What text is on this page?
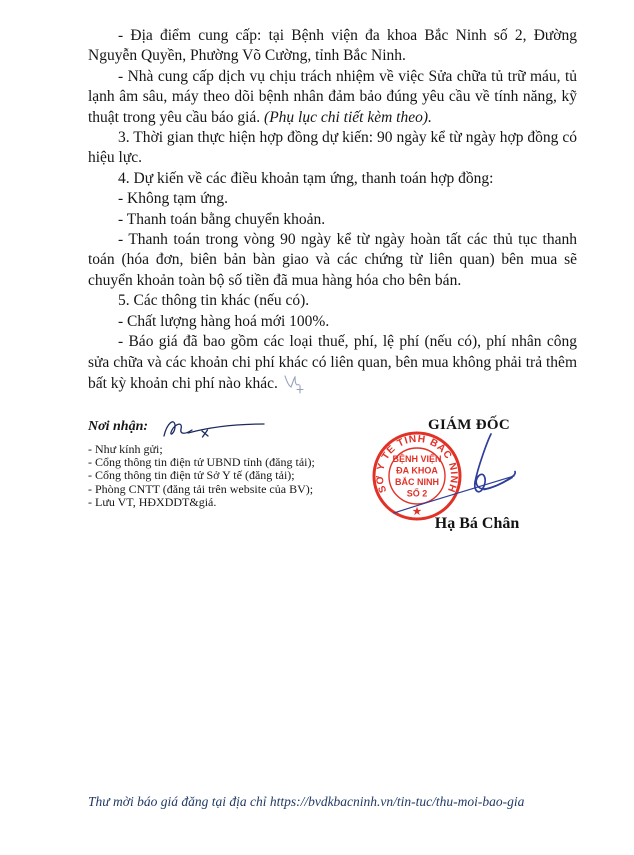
- Địa điểm cung cấp: tại Bệnh viện đa khoa Bắc Ninh số 2, Đường Nguyễn Quyền, Phường Võ Cường, tỉnh Bắc Ninh.

- Nhà cung cấp dịch vụ chịu trách nhiệm về việc Sửa chữa tủ trữ máu, tủ lạnh âm sâu, máy theo dõi bệnh nhân đảm bảo đúng yêu cầu về tính năng, kỹ thuật trong yêu cầu báo giá. (Phụ lục chi tiết kèm theo).

3. Thời gian thực hiện hợp đồng dự kiến: 90 ngày kể từ ngày hợp đồng có hiệu lực.

4. Dự kiến về các điều khoản tạm ứng, thanh toán hợp đồng:

- Không tạm ứng.

- Thanh toán bằng chuyển khoản.

- Thanh toán trong vòng 90 ngày kể từ ngày hoàn tất các thủ tục thanh toán (hóa đơn, biên bản bàn giao và các chứng từ liên quan) bên mua sẽ chuyển khoản toàn bộ số tiền đã mua hàng hóa cho bên bán.

5. Các thông tin khác (nếu có).

- Chất lượng hàng hoá mới 100%.

- Báo giá đã bao gồm các loại thuế, phí, lệ phí (nếu có), phí nhân công sửa chữa và các khoản chi phí khác có liên quan, bên mua không phải trả thêm bất kỳ khoản chi phí nào khác.

Nơi nhận:
- Như kính gửi;
- Cổng thông tin điện tử UBND tỉnh (đăng tải);
- Cổng thông tin điện tử Sở Y tế (đăng tải);
- Phòng CNTT (đăng tải trên website của BV);
- Lưu VT, HĐXDDT&giá.
GIÁM ĐỐC
SỞ Y TẾ TỈNH BẮC NINH
BỆNH VIỆN
ĐA KHOA
BẮC NINH
SỐ 2
★
Hạ Bá Chân
Thư mời báo giá đăng tại địa chỉ https://bvdkbacninh.vn/tin-tuc/thu-moi-bao-gia
